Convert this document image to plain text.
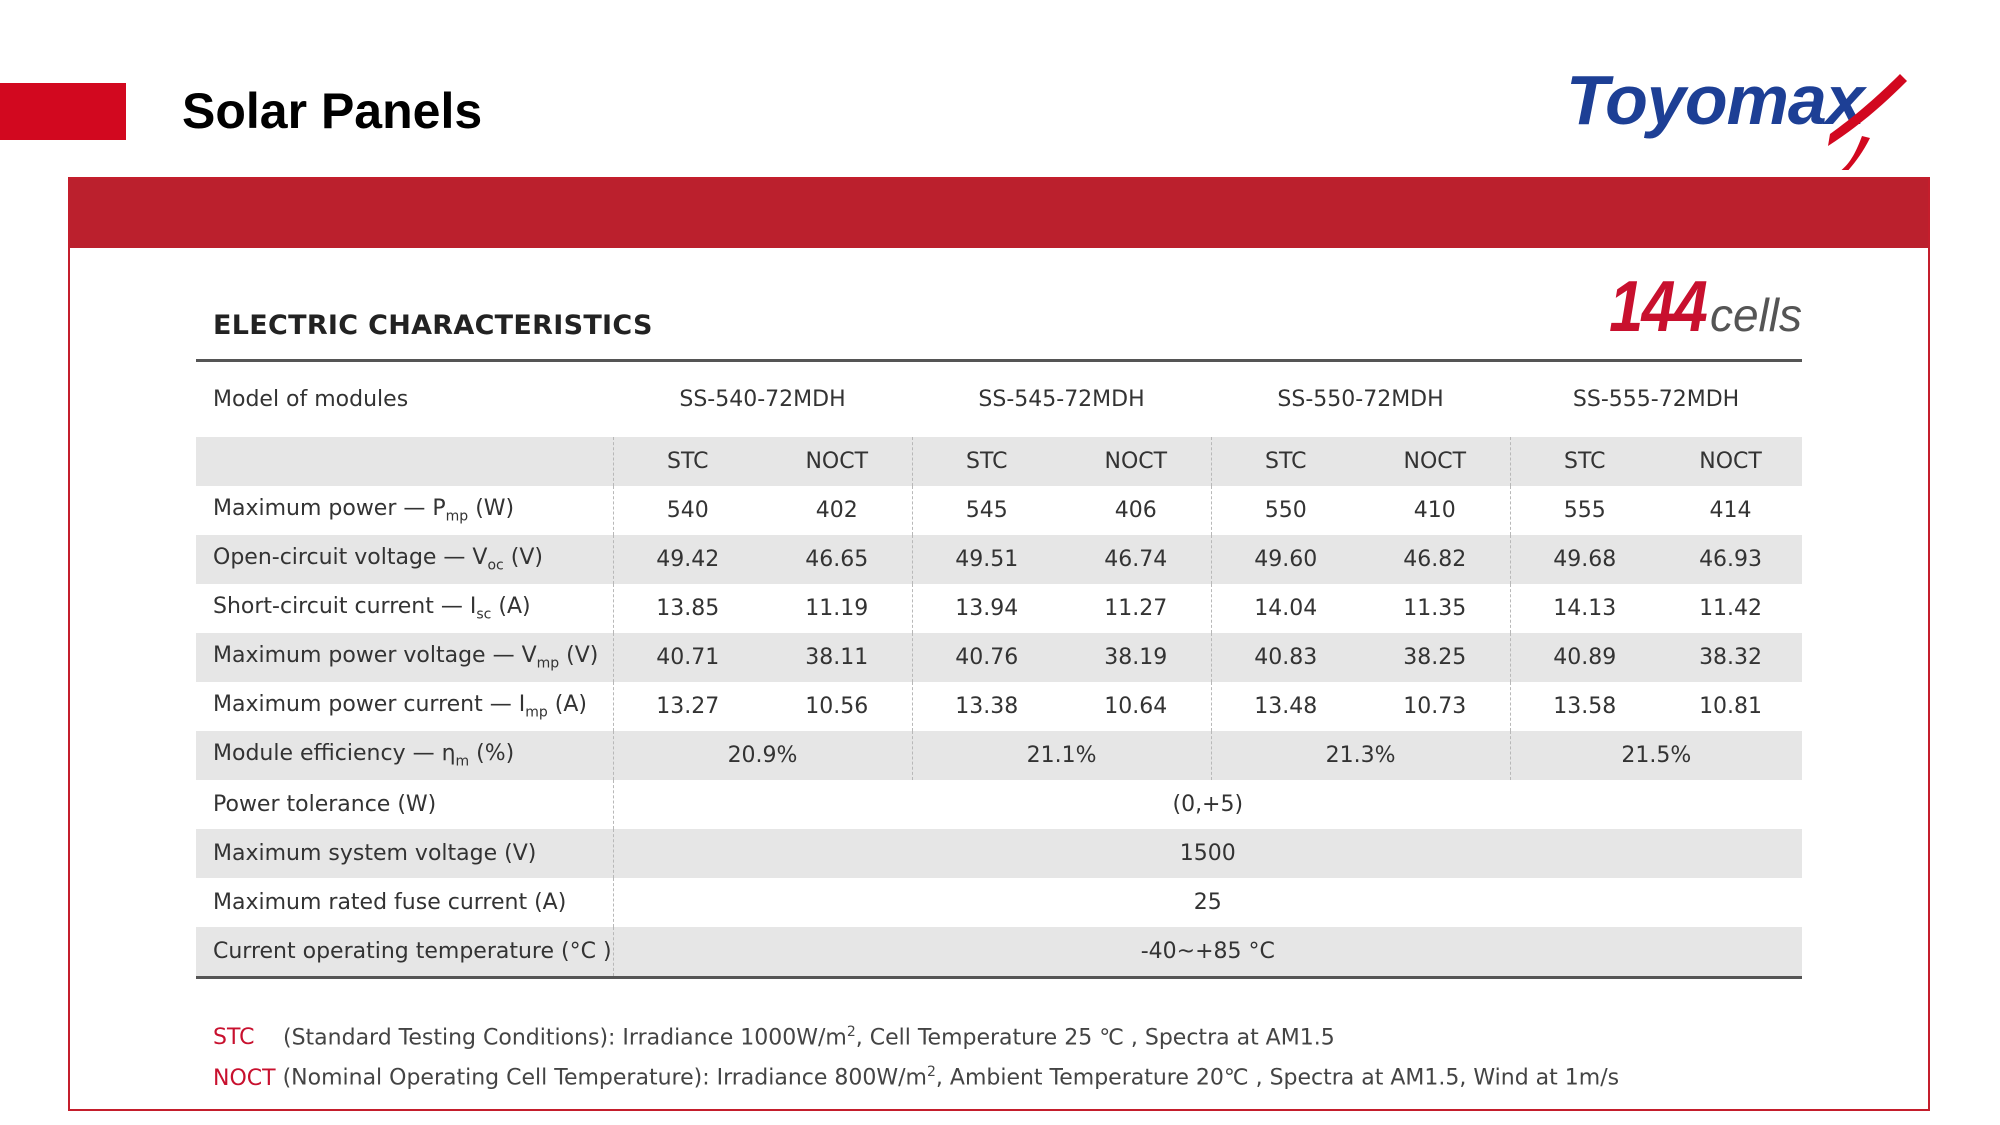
Solar Panels	Toyomax
ELECTRIC CHARACTERISTICS	144cells
Model of modules	SS-540-72MDH		SS-545-72MDH		SS-550-72MDH		SS-555-72MDH	
	STC	NOCT	STC	NOCT	STC	NOCT	STC	NOCT
Maximum power — $P_{mp}$ (W)	540	402	545	406	550	410	555	414
Open-circuit voltage — $V_{oc}$ (V)	49.42	46.65	49.51	46.74	49.60	46.82	49.68	46.93
Short-circuit current — $I_{sc}$ (A)	13.85	11.19	13.94	11.27	14.04	11.35	14.13	11.42
Maximum power voltage — $V_{mp}$ (V)	40.71	38.11	40.76	38.19	40.83	38.25	40.89	38.32
Maximum power current — $I_{mp}$ (A)	13.27	10.56	13.38	10.64	13.48	10.73	13.58	10.81
Module efficiency — $\eta_m$ (%)	20.9%		21.1%		21.3%		21.5%	
Power tolerance (W)	(0,+5)							
Maximum system voltage (V)	1500							
Maximum rated fuse current (A)	25							
Current operating temperature (°C )	-40~+85 °C							
STC (Standard Testing Conditions): Irradiance $1000W/m^2$, Cell Temperature 25 ℃ , Spectra at AM1.5
NOCT (Nominal Operating Cell Temperature): Irradiance $800W/m^2$, Ambient Temperature 20℃ , Spectra at AM1.5, Wind at 1m/s
